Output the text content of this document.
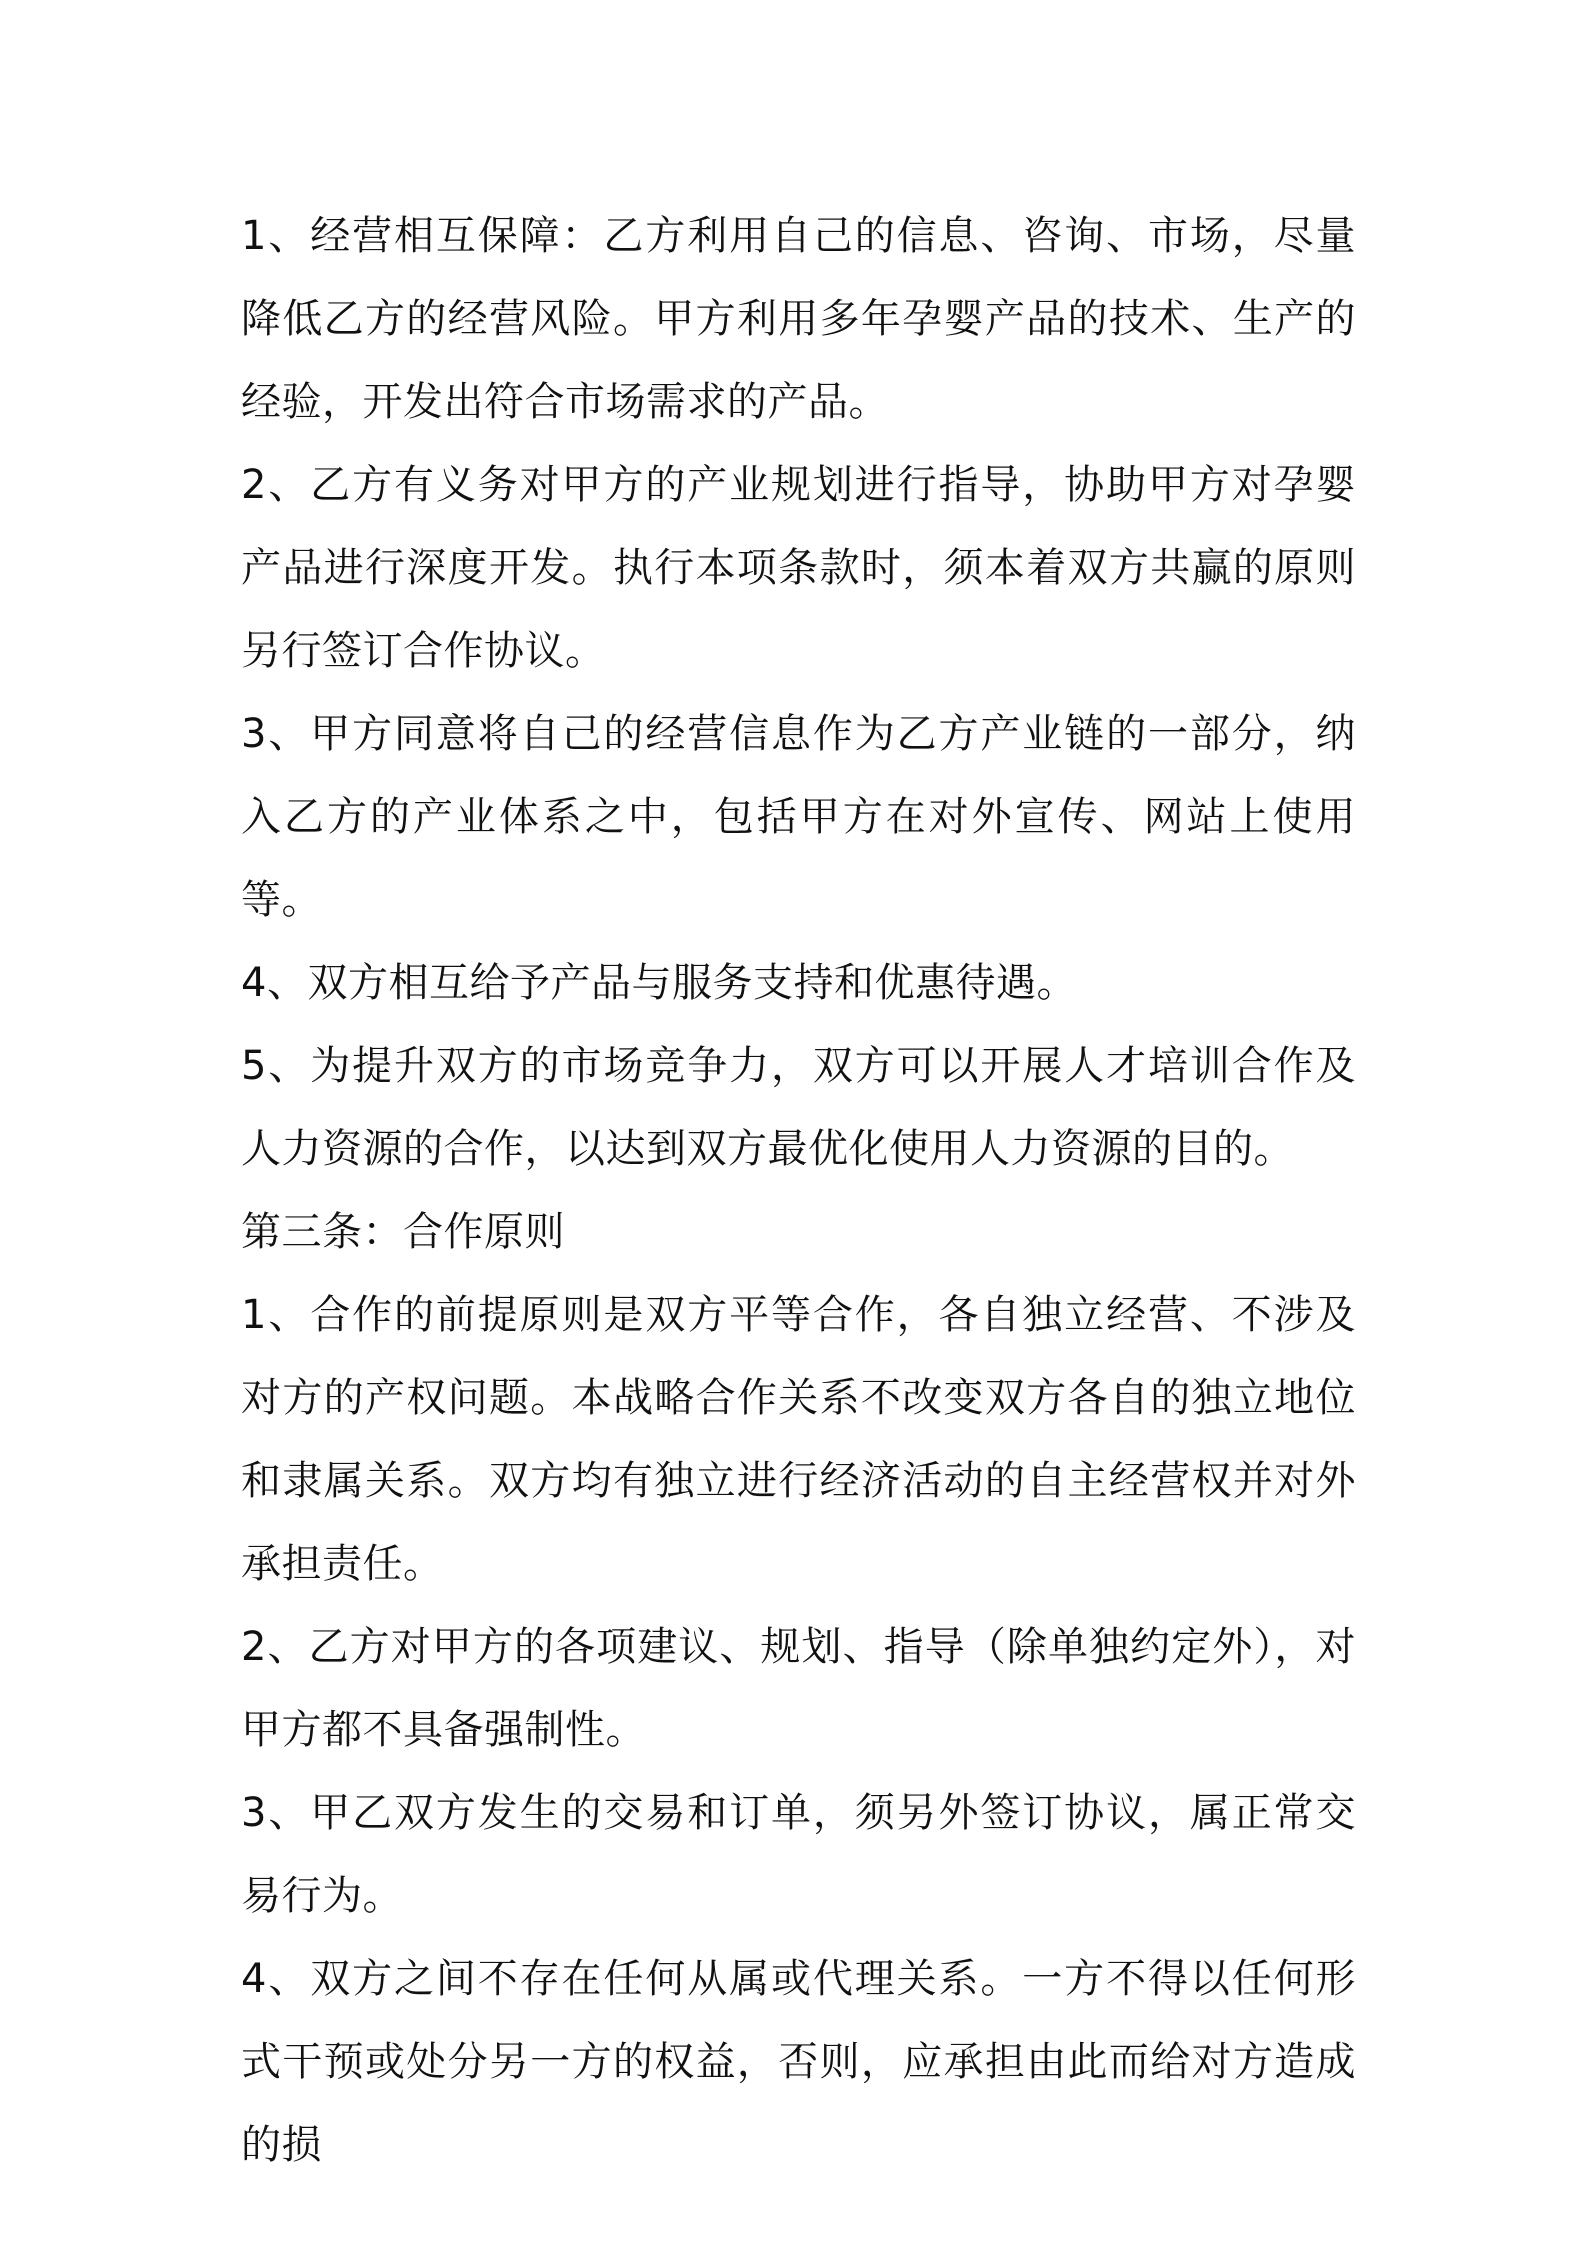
1、经营相互保障：乙方利用自己的信息、咨询、市场，尽量降低乙方的经营风险。甲方利用多年孕婴产品的技术、生产的经验，开发出符合市场需求的产品。

2、乙方有义务对甲方的产业规划进行指导，协助甲方对孕婴产品进行深度开发。执行本项条款时，须本着双方共赢的原则另行签订合作协议。

3、甲方同意将自己的经营信息作为乙方产业链的一部分，纳入乙方的产业体系之中，包括甲方在对外宣传、网站上使用等。

4、双方相互给予产品与服务支持和优惠待遇。

5、为提升双方的市场竞争力，双方可以开展人才培训合作及人力资源的合作，以达到双方最优化使用人力资源的目的。

第三条：合作原则

1、合作的前提原则是双方平等合作，各自独立经营、不涉及对方的产权问题。本战略合作关系不改变双方各自的独立地位和隶属关系。双方均有独立进行经济活动的自主经营权并对外承担责任。

2、乙方对甲方的各项建议、规划、指导（除单独约定外），对甲方都不具备强制性。

3、甲乙双方发生的交易和订单，须另外签订协议，属正常交易行为。

4、双方之间不存在任何从属或代理关系。一方不得以任何形式干预或处分另一方的权益，否则，应承担由此而给对方造成的损
